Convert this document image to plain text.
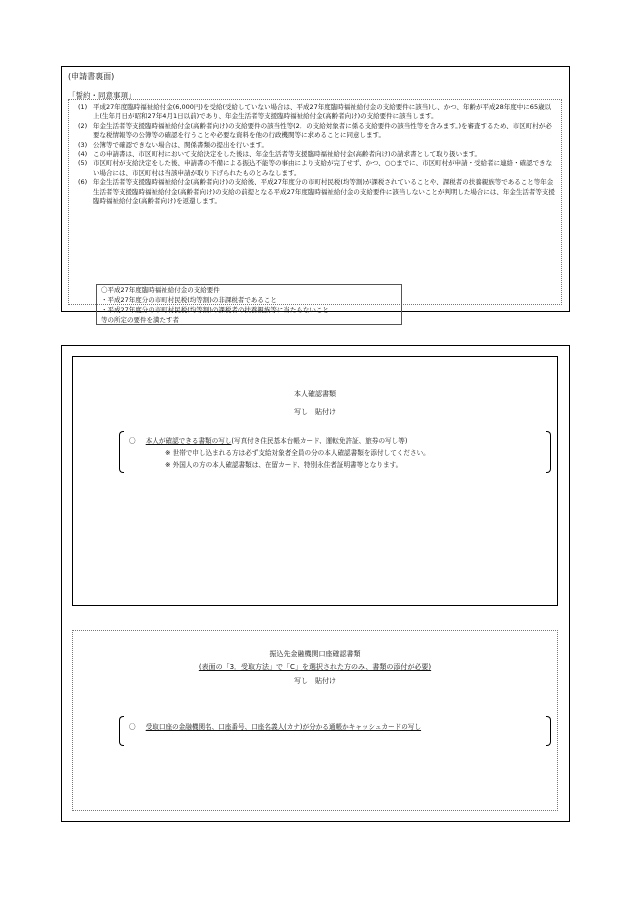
(申請書裏面)
「誓約・同意事項」
(1) 平成27年度臨時福祉給付金(6,000円)を受給(受給していない場合は、平成27年度臨時福祉給付金の支給要件に該当)し、かつ、年齢が平成28年度中に65歳以上(生年月日が昭和27年4月1日以前)であり、年金生活者等支援臨時福祉給付金(高齢者向け)の支給要件に該当します。
(2) 年金生活者等支援臨時福祉給付金(高齢者向け)の支給要件の該当性等(2．の支給対象者に係る支給要件の該当性等を含みます。)を審査するため、市区町村が必要な税情報等の公簿等の確認を行うことや必要な資料を他の行政機関等に求めることに同意します。
(3) 公簿等で確認できない場合は、関係書類の提出を行います。
(4) この申請書は、市区町村において支給決定をした後は、年金生活者等支援臨時福祉給付金(高齢者向け)の請求書として取り扱います。
(5) 市区町村が支給決定をした後、申請書の不備による振込不能等の事由により支給が完了せず、かつ、○○までに、市区町村が申請・受給者に連絡・確認できない場合には、市区町村は当該申請が取り下げられたものとみなします。
(6) 年金生活者等支援臨時福祉給付金(高齢者向け)の支給後、平成27年度分の市町村民税(均等割)が課税されていることや、課税者の扶養親族等であること等年金生活者等支援臨時福祉給付金(高齢者向け)の支給の前提となる平成27年度臨時福祉給付金の支給要件に該当しないことが判明した場合には、年金生活者等支援臨時福祉給付金(高齢者向け)を返還します。
〇平成27年度臨時福祉給付金の支給要件
・平成27年度分の市町村民税(均等割)の非課税者であること
・平成27年度分の市町村民税(均等割)の課税者の扶養親族等に当たらないこと
等の所定の要件を満たす者
本人確認書類
写し　貼付け
〇 本人が確認できる書類の写し(写真付き住民基本台帳カード、運転免許証、旅券の写し等)
※ 世帯で申し込まれる方は必ず支給対象者全員の分の本人確認書類を添付してください。
※ 外国人の方の本人確認書類は、在留カード、特別永住者証明書等となります。
振込先金融機関口座確認書類
(表面の「3．受取方法」で「C」を選択された方のみ、書類の添付が必要)
写し　貼付け
〇 受取口座の金融機関名、口座番号、口座名義人(カナ)が分かる通帳かキャッシュカードの写し
